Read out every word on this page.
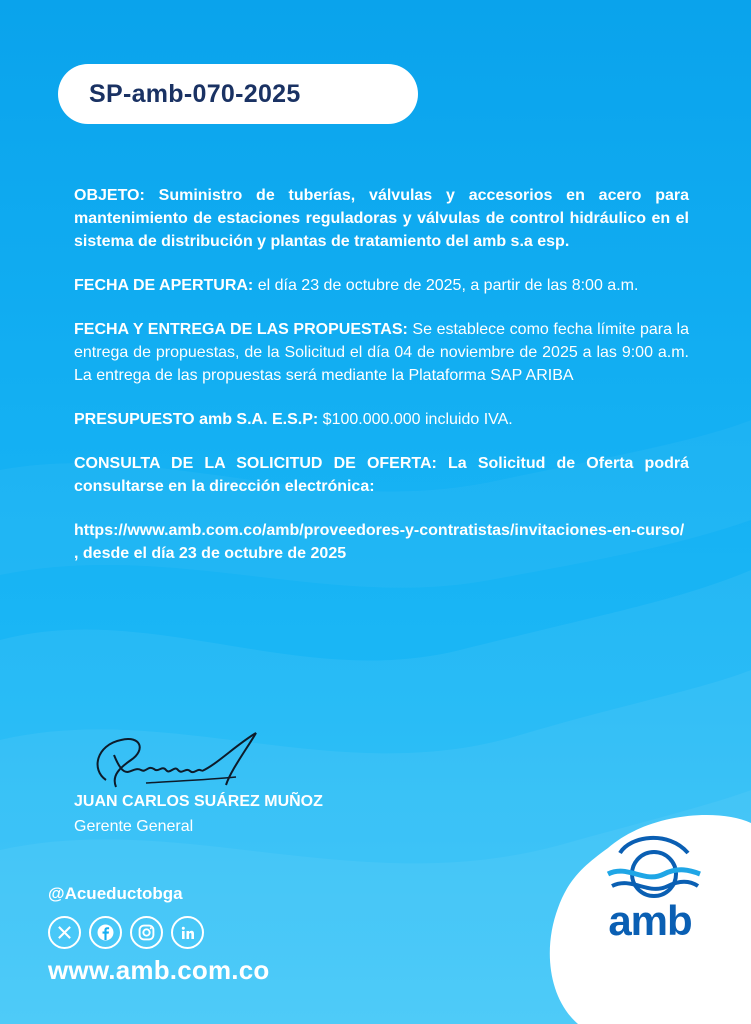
SP-amb-070-2025

OBJETO: Suministro de tuberías, válvulas y accesorios en acero para mantenimiento de estaciones reguladoras y válvulas de control hidráulico en el sistema de distribución y plantas de tratamiento del amb s.a esp.

FECHA DE APERTURA: el día 23 de octubre de 2025, a partir de las 8:00 a.m.

FECHA Y ENTREGA DE LAS PROPUESTAS: Se establece como fecha límite para la entrega de propuestas, de la Solicitud el día 04 de noviembre de 2025 a las 9:00 a.m. La entrega de las propuestas será mediante la Plataforma SAP ARIBA

PRESUPUESTO amb S.A. E.S.P: $100.000.000 incluido IVA.

CONSULTA DE LA SOLICITUD DE OFERTA: La Solicitud de Oferta podrá consultarse en la dirección electrónica:

https://www.amb.com.co/amb/proveedores-y-contratistas/invitaciones-en-curso/ , desde el día 23 de octubre de 2025

JUAN CARLOS SUÁREZ MUÑOZ
Gerente General
@Acueductobga
www.amb.com.co
amb
